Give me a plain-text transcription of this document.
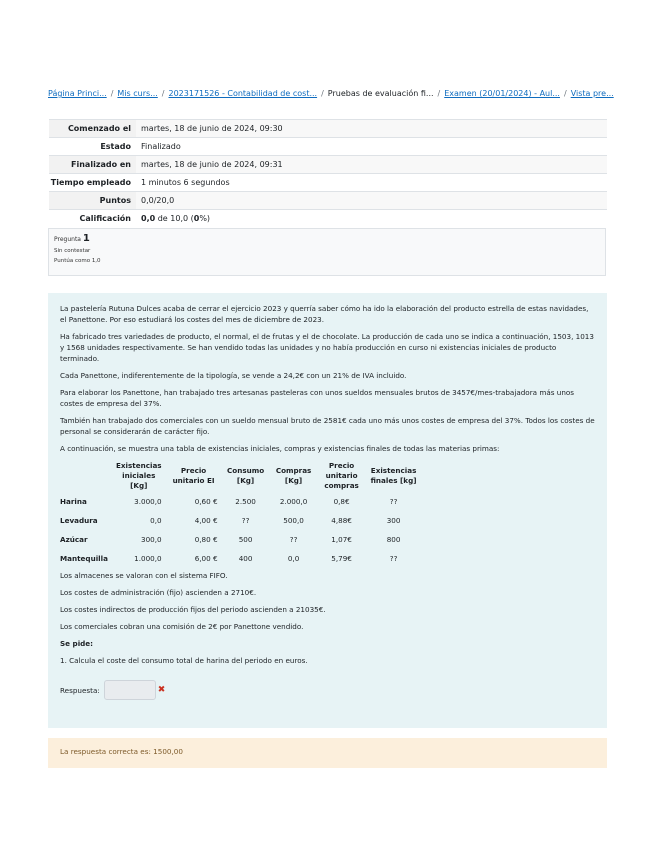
Página Princi... / Mis curs... / 2023171526 - Contabilidad de cost... / Pruebas de evaluación fi... / Examen (20/01/2024) - Aul... / Vista pre...
Comenzado el	martes, 18 de junio de 2024, 09:30
Estado	Finalizado
Finalizado en	martes, 18 de junio de 2024, 09:31
Tiempo empleado	1 minutos 6 segundos
Puntos	0,0/20,0
Calificación	0,0 de 10,0 (0%)
Pregunta 1
Sin contestar
Puntúa como 1,0

La pastelería Rutuna Dulces acaba de cerrar el ejercicio 2023 y querría saber cómo ha ido la elaboración del producto estrella de estas navidades, el Panettone. Por eso estudiará los costes del mes de diciembre de 2023.

Ha fabricado tres variedades de producto, el normal, el de frutas y el de chocolate. La producción de cada uno se indica a continuación, 1503, 1013 y 1568 unidades respectivamente. Se han vendido todas las unidades y no había producción en curso ni existencias iniciales de producto terminado.

Cada Panettone, indiferentemente de la tipología, se vende a 24,2€ con un 21% de IVA incluido.

Para elaborar los Panettone, han trabajado tres artesanas pasteleras con unos sueldos mensuales brutos de 3457€/mes-trabajadora más unos costes de empresa del 37%.

También han trabajado dos comerciales con un sueldo mensual bruto de 2581€ cada uno más unos costes de empresa del 37%. Todos los costes de personal se considerarán de carácter fijo.

A continuación, se muestra una tabla de existencias iniciales, compras y existencias finales de todas las materias primas:

	Existencias iniciales [Kg]	Precio unitario EI	Consumo [Kg]	Compras [Kg]	Precio unitario compras	Existencias finales [kg]
Harina	3.000,0	0,60 €	2.500	2.000,0	0,8€	??
Levadura	0,0	4,00 €	??	500,0	4,88€	300
Azúcar	300,0	0,80 €	500	??	1,07€	800
Mantequilla	1.000,0	6,00 €	400	0,0	5,79€	??

Los almacenes se valoran con el sistema FIFO.

Los costes de administración (fijo) ascienden a 2710€.

Los costes indirectos de producción fijos del periodo ascienden a 21035€.

Los comerciales cobran una comisión de 2€ por Panettone vendido.

Se pide:

1. Calcula el coste del consumo total de harina del periodo en euros.

Respuesta:	✖
La respuesta correcta es: 1500,00
